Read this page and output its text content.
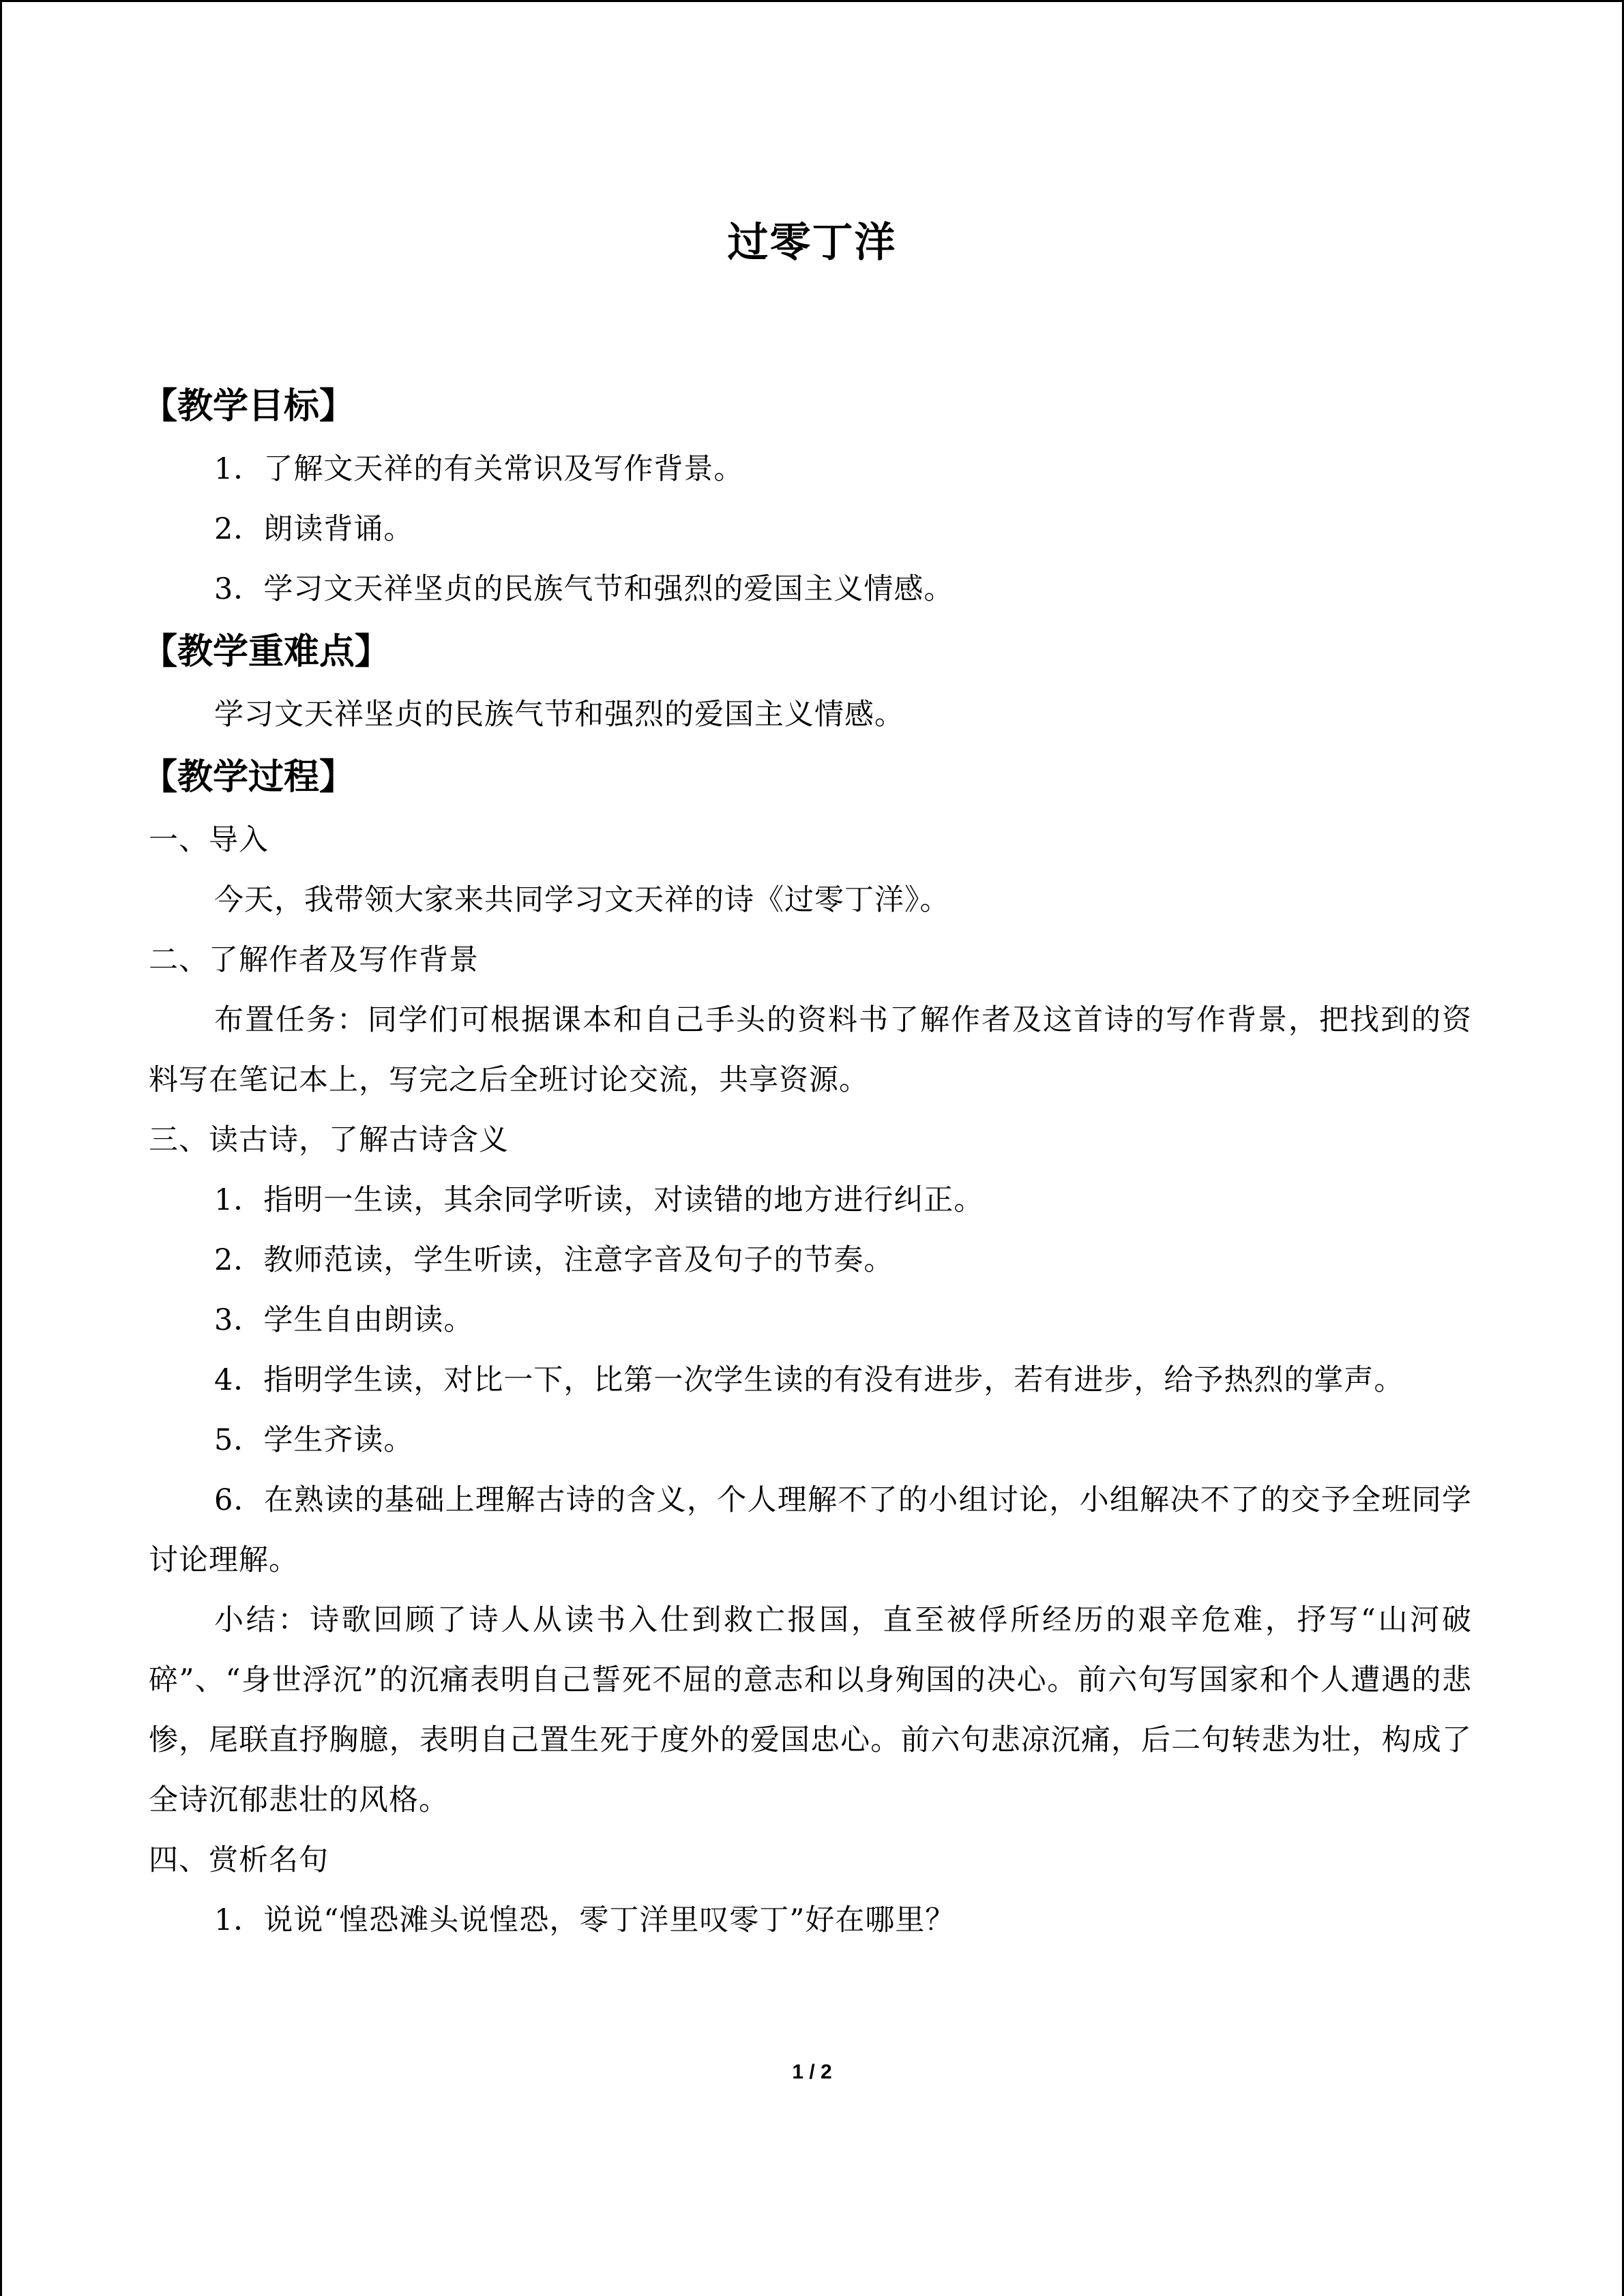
过零丁洋
【教学目标】
1．了解文天祥的有关常识及写作背景。
2．朗读背诵。
3．学习文天祥坚贞的民族气节和强烈的爱国主义情感。
【教学重难点】
学习文天祥坚贞的民族气节和强烈的爱国主义情感。
【教学过程】
一、导入
今天，我带领大家来共同学习文天祥的诗《过零丁洋》。
二、了解作者及写作背景
布置任务：同学们可根据课本和自己手头的资料书了解作者及这首诗的写作背景，把找到的资料写在笔记本上，写完之后全班讨论交流，共享资源。
三、读古诗，了解古诗含义
1．指明一生读，其余同学听读，对读错的地方进行纠正。
2．教师范读，学生听读，注意字音及句子的节奏。
3．学生自由朗读。
4．指明学生读，对比一下，比第一次学生读的有没有进步，若有进步，给予热烈的掌声。
5．学生齐读。
6．在熟读的基础上理解古诗的含义，个人理解不了的小组讨论，小组解决不了的交予全班同学讨论理解。
小结：诗歌回顾了诗人从读书入仕到救亡报国，直至被俘所经历的艰辛危难，抒写“山河破碎”、“身世浮沉”的沉痛表明自己誓死不屈的意志和以身殉国的决心。前六句写国家和个人遭遇的悲惨，尾联直抒胸臆，表明自己置生死于度外的爱国忠心。前六句悲凉沉痛，后二句转悲为壮，构成了全诗沉郁悲壮的风格。
四、赏析名句
1．说说“惶恐滩头说惶恐，零丁洋里叹零丁”好在哪里？
1 / 2
